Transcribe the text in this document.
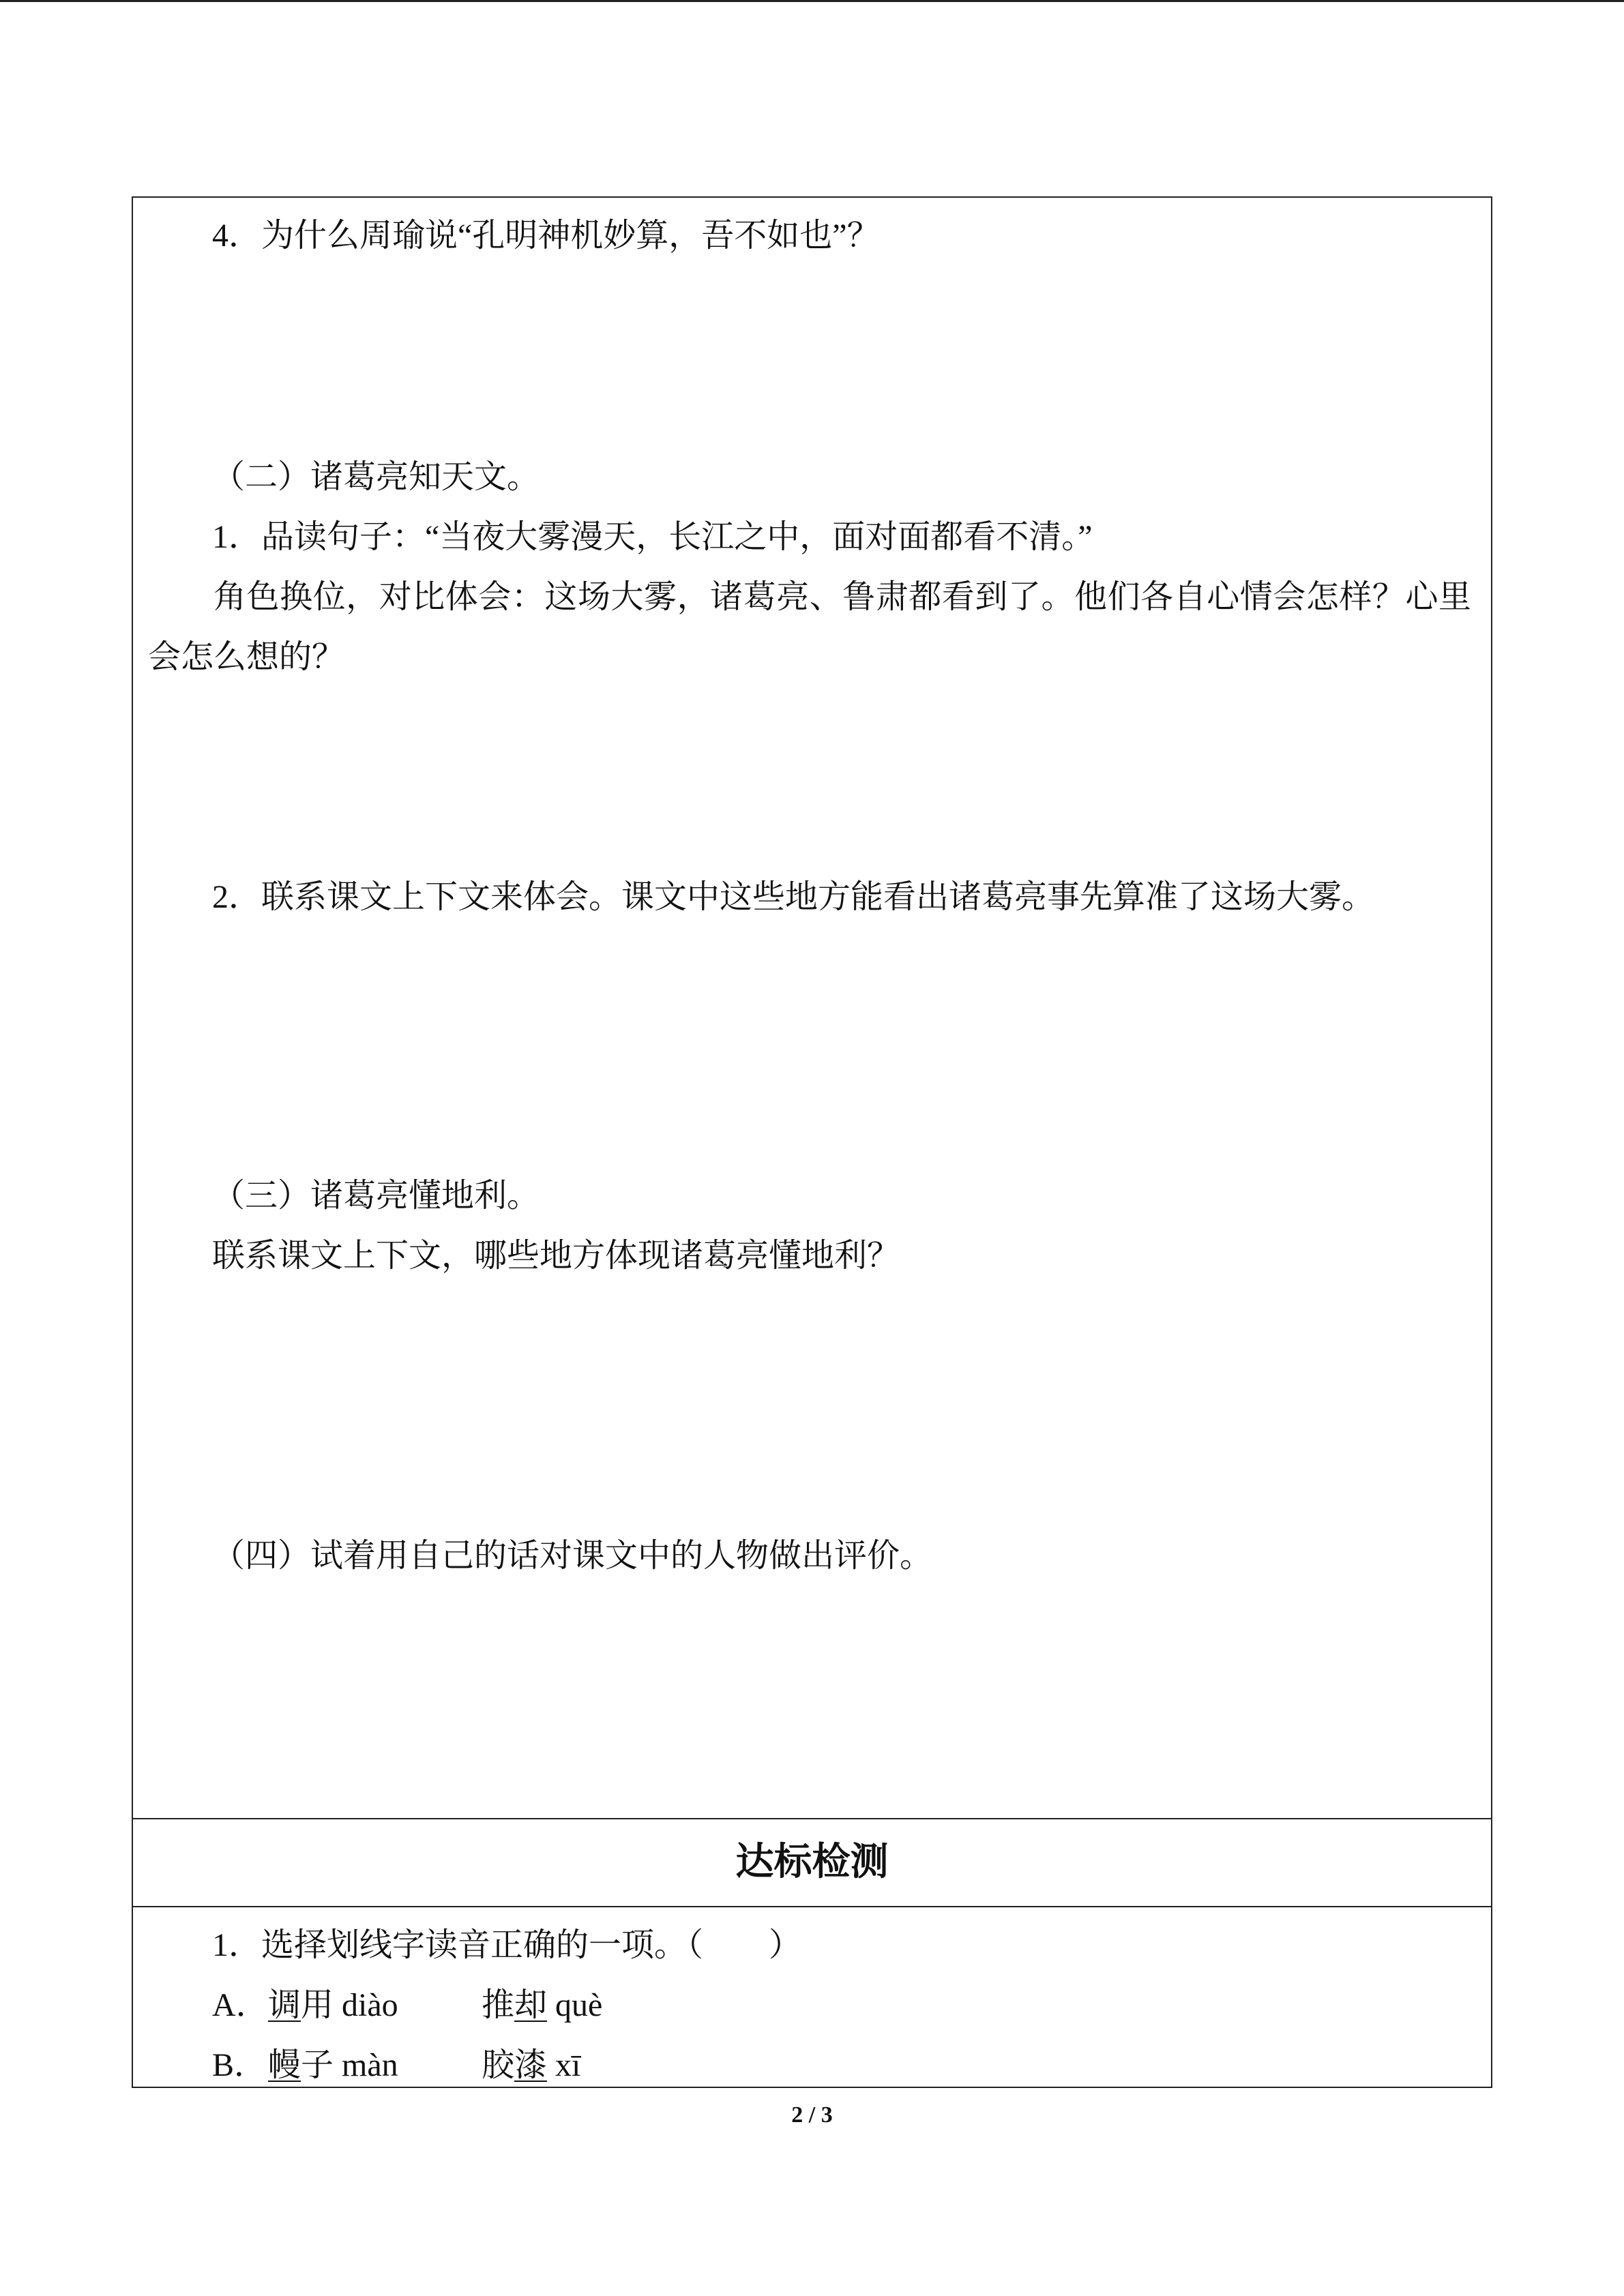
4．为什么周瑜说“孔明神机妙算，吾不如也”？
（二）诸葛亮知天文。
1．品读句子：“当夜大雾漫天，长江之中，面对面都看不清。”
角色换位，对比体会：这场大雾，诸葛亮、鲁肃都看到了。他们各自心情会怎样？心里会怎么想的？
2．联系课文上下文来体会。课文中这些地方能看出诸葛亮事先算准了这场大雾。
（三）诸葛亮懂地利。
联系课文上下文，哪些地方体现诸葛亮懂地利？
（四）试着用自己的话对课文中的人物做出评价。
达标检测
1．选择划线字读音正确的一项。（　　）
A．调用 diào	推却 què
B．幔子 màn	胶漆 xī
2 / 3
